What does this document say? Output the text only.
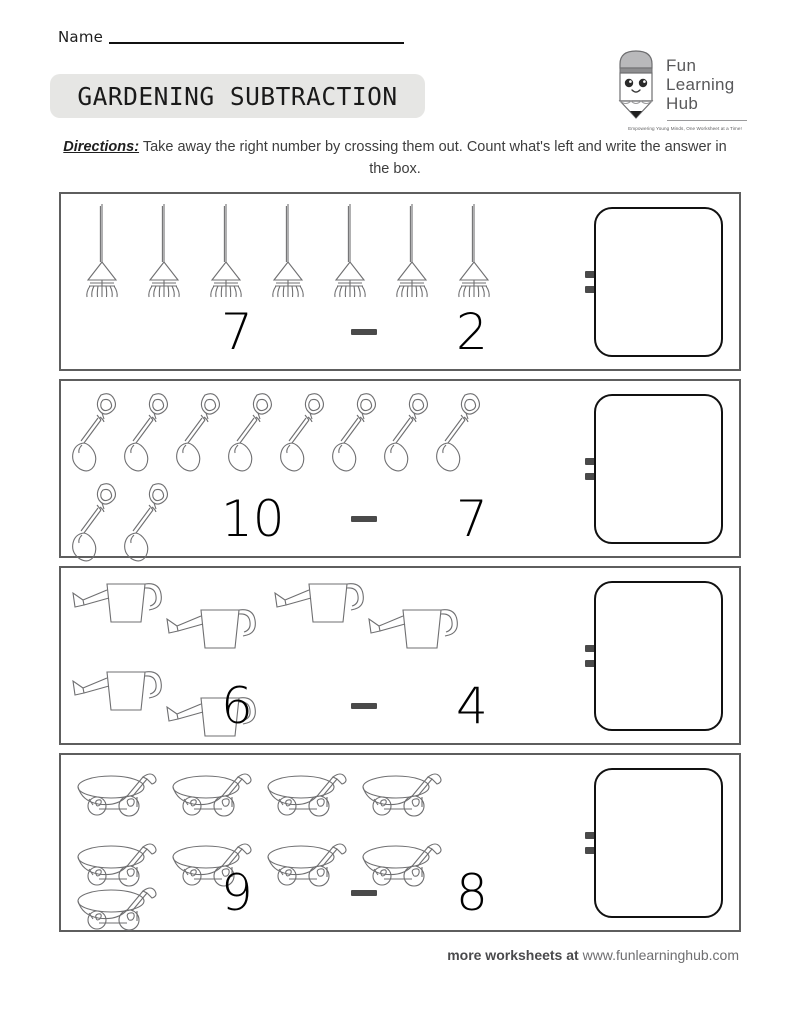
Name
GARDENING SUBTRACTION
Fun
Learning
Hub
Empowering Young Minds, One Worksheet at a Time!
Directions: Take away the right number by crossing them out. Count what's left and write the answer in the box.
7	2
10	7
6	4
9	8
more worksheets at www.funlearninghub.com
